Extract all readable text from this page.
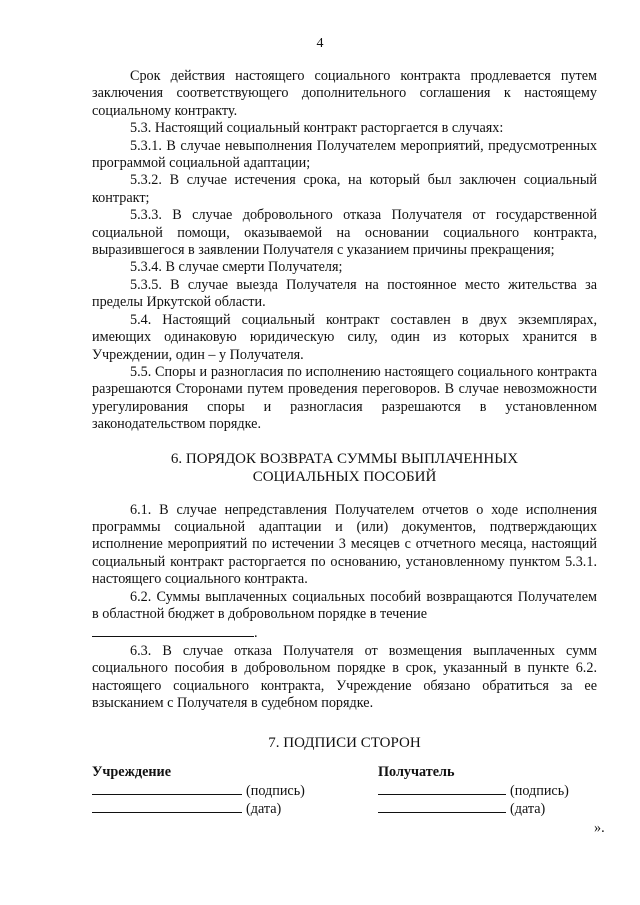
4

Срок действия настоящего социального контракта продлевается путем заключения соответствующего дополнительного соглашения к настоящему социальному контракту.

5.3. Настоящий социальный контракт расторгается в случаях:

5.3.1. В случае невыполнения Получателем мероприятий, предусмотренных программой социальной адаптации;

5.3.2. В случае истечения срока, на который был заключен социальный контракт;

5.3.3. В случае добровольного отказа Получателя от государственной социальной помощи, оказываемой на основании социального контракта, выразившегося в заявлении Получателя с указанием причины прекращения;

5.3.4. В случае смерти Получателя;

5.3.5. В случае выезда Получателя на постоянное место жительства за пределы Иркутской области.

5.4. Настоящий социальный контракт составлен в двух экземплярах, имеющих одинаковую юридическую силу, один из которых хранится в Учреждении, один – у Получателя.

5.5. Споры и разногласия по исполнению настоящего социального контракта разрешаются Сторонами путем проведения переговоров. В случае невозможности урегулирования споры и разногласия разрешаются в установленном законодательством порядке.

6. ПОРЯДОК ВОЗВРАТА СУММЫ ВЫПЛАЧЕННЫХ
СОЦИАЛЬНЫХ ПОСОБИЙ

6.1. В случае непредставления Получателем отчетов о ходе исполнения программы социальной адаптации и (или) документов, подтверждающих исполнение мероприятий по истечении 3 месяцев с отчетного месяца, настоящий социальный контракт расторгается по основанию, установленному пунктом 5.3.1. настоящего социального контракта.

6.2. Суммы выплаченных социальных пособий возвращаются Получателем в областной бюджет в добровольном порядке в течение
.

6.3. В случае отказа Получателя от возмещения выплаченных сумм социального пособия в добровольном порядке в срок, указанный в пункте 6.2. настоящего социального контракта, Учреждение обязано обратиться за ее взысканием с Получателя в судебном порядке.

7. ПОДПИСИ СТОРОН
Учреждение
(подпись)
(дата)
Получатель
(подпись)
(дата)
».
